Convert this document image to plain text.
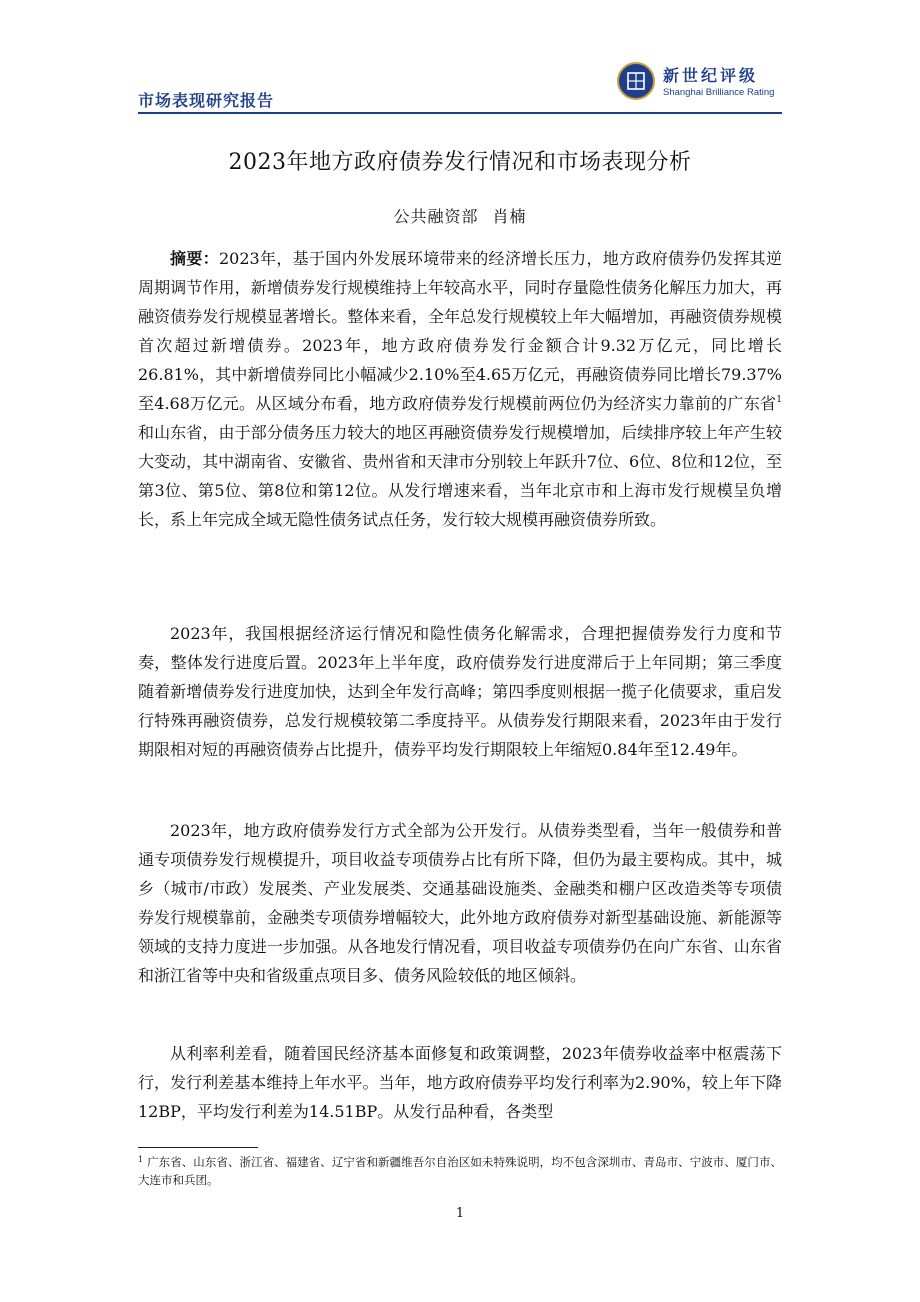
市场表现研究报告
新世纪评级
Shanghai Brilliance Rating
2023年地方政府债券发行情况和市场表现分析
公共融资部 肖楠

摘要：2023年，基于国内外发展环境带来的经济增长压力，地方政府债券仍发挥其逆周期调节作用，新增债券发行规模维持上年较高水平，同时存量隐性债务化解压力加大，再融资债券发行规模显著增长。整体来看，全年总发行规模较上年大幅增加，再融资债券规模首次超过新增债券。2023年，地方政府债券发行金额合计9.32万亿元，同比增长26.81%，其中新增债券同比小幅减少2.10%至4.65万亿元，再融资债券同比增长79.37%至4.68万亿元。从区域分布看，地方政府债券发行规模前两位仍为经济实力靠前的广东省$^1$和山东省，由于部分债务压力较大的地区再融资债券发行规模增加，后续排序较上年产生较大变动，其中湖南省、安徽省、贵州省和天津市分别较上年跃升7位、6位、8位和12位，至第3位、第5位、第8位和第12位。从发行增速来看，当年北京市和上海市发行规模呈负增长，系上年完成全域无隐性债务试点任务，发行较大规模再融资债券所致。

2023年，我国根据经济运行情况和隐性债务化解需求，合理把握债券发行力度和节奏，整体发行进度后置。2023年上半年度，政府债券发行进度滞后于上年同期；第三季度随着新增债券发行进度加快，达到全年发行高峰；第四季度则根据一揽子化债要求，重启发行特殊再融资债券，总发行规模较第二季度持平。从债券发行期限来看，2023年由于发行期限相对短的再融资债券占比提升，债券平均发行期限较上年缩短0.84年至12.49年。

2023年，地方政府债券发行方式全部为公开发行。从债券类型看，当年一般债券和普通专项债券发行规模提升，项目收益专项债券占比有所下降，但仍为最主要构成。其中，城乡（城市/市政）发展类、产业发展类、交通基础设施类、金融类和棚户区改造类等专项债券发行规模靠前，金融类专项债券增幅较大，此外地方政府债券对新型基础设施、新能源等领域的支持力度进一步加强。从各地发行情况看，项目收益专项债券仍在向广东省、山东省和浙江省等中央和省级重点项目多、债务风险较低的地区倾斜。

从利率利差看，随着国民经济基本面修复和政策调整，2023年债券收益率中枢震荡下行，发行利差基本维持上年水平。当年，地方政府债券平均发行利率为2.90%，较上年下降12BP，平均发行利差为14.51BP。从发行品种看，各类型

$^1$ 广东省、山东省、浙江省、福建省、辽宁省和新疆维吾尔自治区如未特殊说明，均不包含深圳市、青岛市、宁波市、厦门市、大连市和兵团。

1
